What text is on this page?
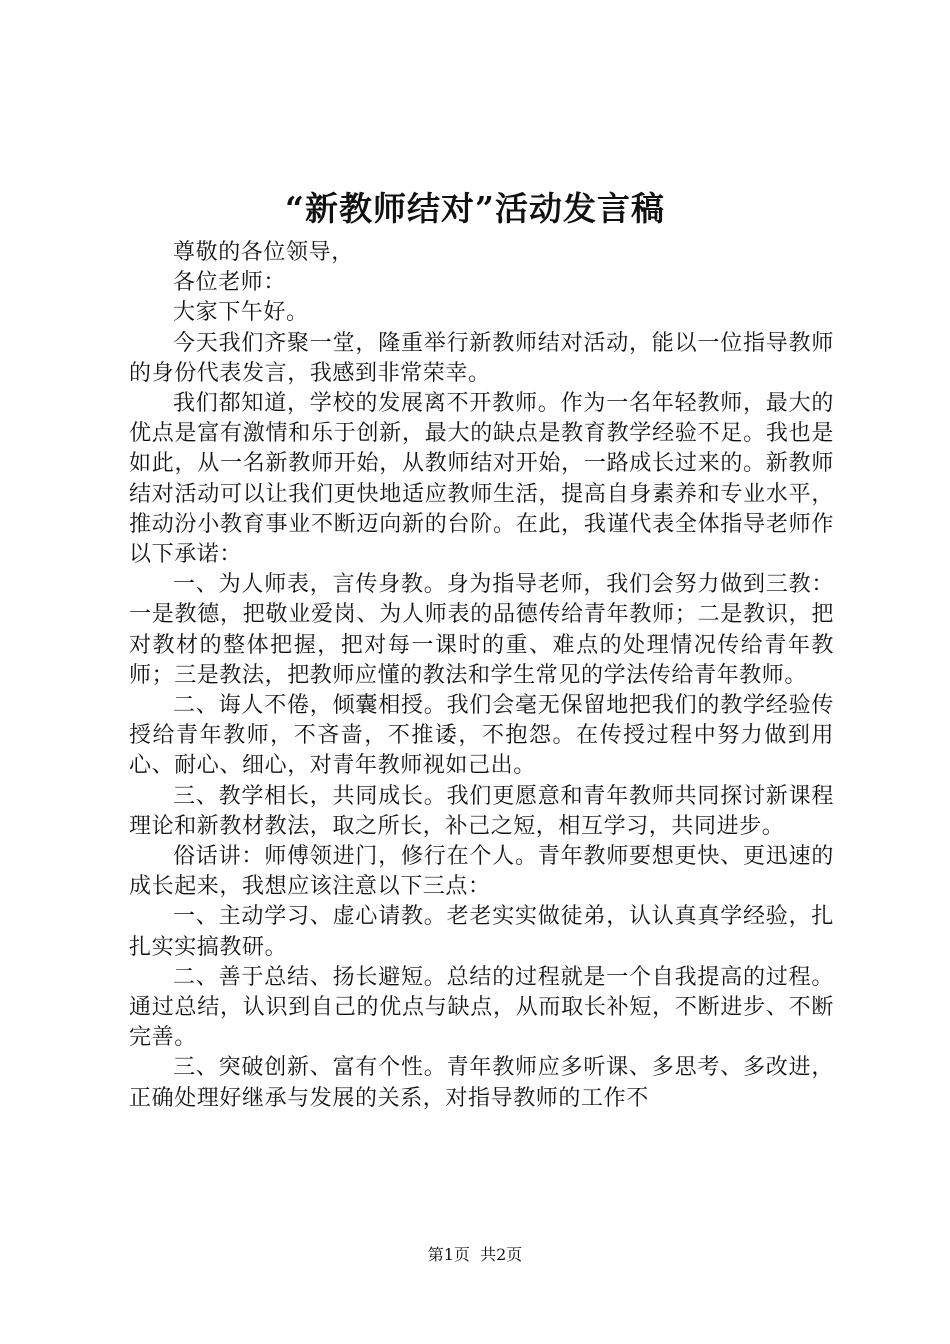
“新教师结对”活动发言稿

尊敬的各位领导，

各位老师：

大家下午好。

今天我们齐聚一堂，隆重举行新教师结对活动，能以一位指导教师的身份代表发言，我感到非常荣幸。

我们都知道，学校的发展离不开教师。作为一名年轻教师，最大的优点是富有激情和乐于创新，最大的缺点是教育教学经验不足。我也是如此，从一名新教师开始，从教师结对开始，一路成长过来的。新教师结对活动可以让我们更快地适应教师生活，提高自身素养和专业水平，推动汾小教育事业不断迈向新的台阶。在此，我谨代表全体指导老师作以下承诺：

一、为人师表，言传身教。身为指导老师，我们会努力做到三教：一是教德，把敬业爱岗、为人师表的品德传给青年教师；二是教识，把对教材的整体把握，把对每一课时的重、难点的处理情况传给青年教师；三是教法，把教师应懂的教法和学生常见的学法传给青年教师。

二、诲人不倦，倾囊相授。我们会毫无保留地把我们的教学经验传授给青年教师，不吝啬，不推诿，不抱怨。在传授过程中努力做到用心、耐心、细心，对青年教师视如己出。

三、教学相长，共同成长。我们更愿意和青年教师共同探讨新课程理论和新教材教法，取之所长，补己之短，相互学习，共同进步。

俗话讲：师傅领进门，修行在个人。青年教师要想更快、更迅速的成长起来，我想应该注意以下三点：

一、主动学习、虚心请教。老老实实做徒弟，认认真真学经验，扎扎实实搞教研。

二、善于总结、扬长避短。总结的过程就是一个自我提高的过程。通过总结，认识到自己的优点与缺点，从而取长补短，不断进步、不断完善。

三、突破创新、富有个性。青年教师应多听课、多思考、多改进，正确处理好继承与发展的关系，对指导教师的工作不

第1页 共2页
